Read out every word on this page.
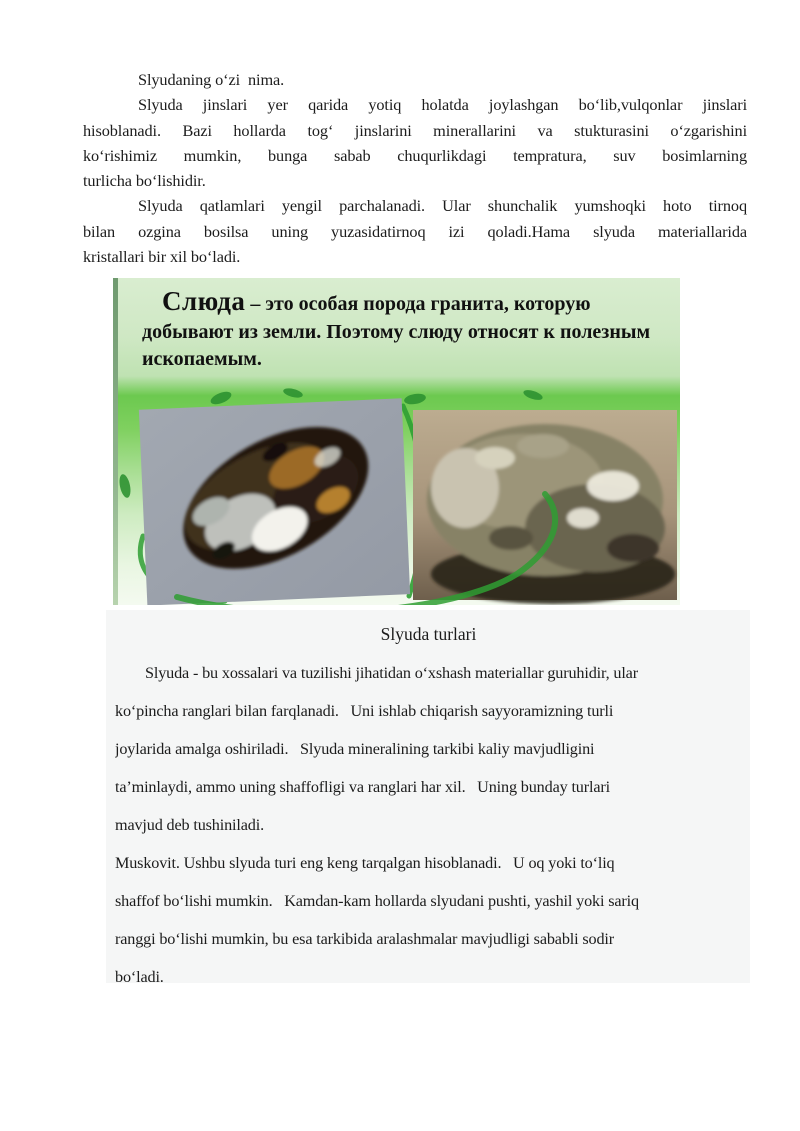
Slyudaning o‘zi  nima.
Slyuda jinslari yer qarida yotiq holatda joylashgan bo‘lib,vulqonlar jinslari
hisoblanadi. Bazi hollarda tog‘ jinslarini minerallarini va stukturasini o‘zgarishini
ko‘rishimiz mumkin, bunga sabab chuqurlikdagi tempratura, suv bosimlarning
turlicha bo‘lishidir.
Slyuda qatlamlari yengil parchalanadi. Ular shunchalik yumshoqki hoto tirnoq
bilan ozgina bosilsa uning yuzasidatirnoq izi qoladi.Hama slyuda materiallarida
kristallari bir xil bo‘ladi.
Слюда – это особая порода гранита, которую добывают из земли. Поэтому слюду относят к полезным ископаемым.
Slyuda turlari
Slyuda - bu xossalari va tuzilishi jihatidan o‘xshash materiallar guruhidir, ular
ko‘pincha ranglari bilan farqlanadi.   Uni ishlab chiqarish sayyoramizning turli
joylarida amalga oshiriladi.   Slyuda mineralining tarkibi kaliy mavjudligini
ta’minlaydi, ammo uning shaffofligi va ranglari har xil.   Uning bunday turlari
mavjud deb tushiniladi.
Muskovit. Ushbu slyuda turi eng keng tarqalgan hisoblanadi.   U oq yoki to‘liq
shaffof bo‘lishi mumkin.   Kamdan-kam hollarda slyudani pushti, yashil yoki sariq
ranggi bo‘lishi mumkin, bu esa tarkibida aralashmalar mavjudligi sababli sodir
bo‘ladi.
